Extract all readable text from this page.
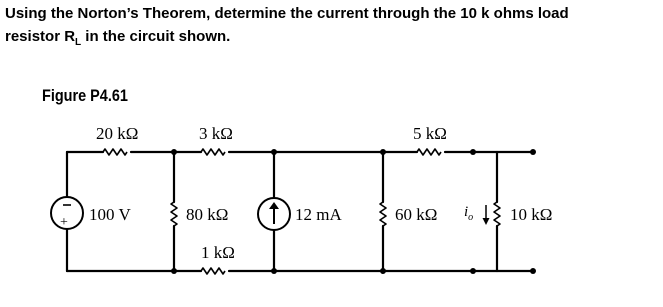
Using the Norton’s Theorem, determine the current through the 10 k ohms load
resistor $R_L$ in the circuit shown.

Figure P4.61
20 kΩ	3 kΩ	5 kΩ
100 V
+	80 kΩ	12 mA	60 kΩ $i_o$ 10 kΩ
1 kΩ
